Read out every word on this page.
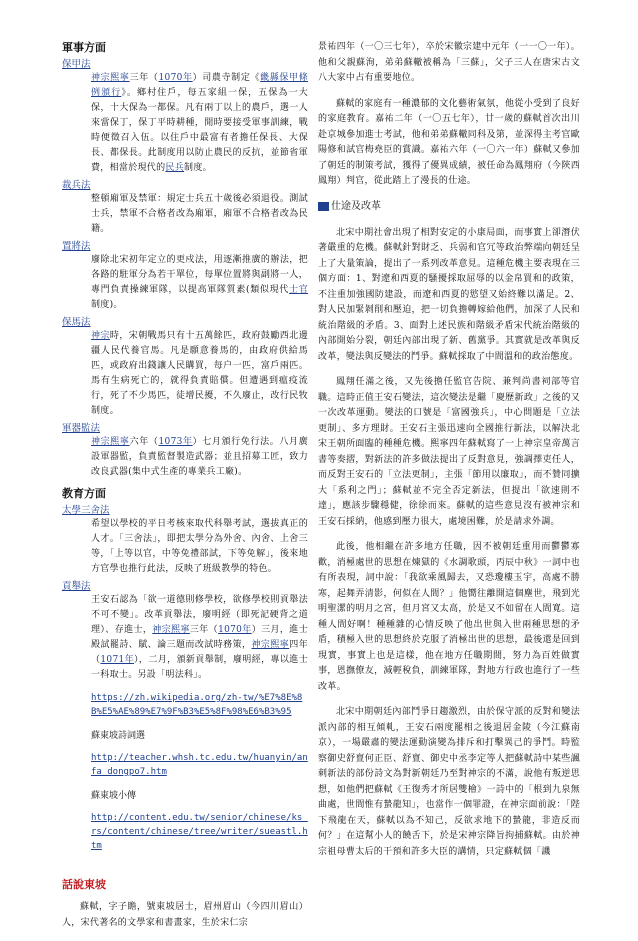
軍事方面
保甲法
神宗熙寧三年（1070年）司農寺制定《畿縣保甲條例頒行》。鄉村住戶，每五家組一保，五保為一大保，十大保為一都保。凡有兩丁以上的農戶，選一人來當保丁，保丁平時耕種，閒時要接受軍事訓練，戰時便徵召入伍。以住戶中最富有者擔任保長、大保長、都保長。此制度用以防止農民的反抗，並節省軍費，相當於現代的民兵制度。
裁兵法
整頓廂軍及禁軍：規定士兵五十歲後必須退役。測試士兵，禁軍不合格者改為廂軍，廂軍不合格者改為民籍。
置將法
廢除北宋初年定立的更戍法，用逐漸推廣的辦法，把各路的駐軍分為若干單位，每單位置將與副將一人，專門負責操練軍隊，以提高軍隊質素(類似現代士官制度)。
保馬法
神宗時，宋朝戰馬只有十五萬餘匹，政府鼓勵西北邊疆人民代養官馬。凡是願意養馬的，由政府供給馬匹，或政府出錢讓人民購買，每户一匹，富戶兩匹。馬有生病死亡的，就得負責賠償。但遭遇到瘟疫流行，死了不少馬匹，徒增民擾，不久廢止，改行民牧制度。
軍器監法
神宗熙寧六年（1073年）七月頒行免行法。八月廣設軍器監，負責監督製造武器；並且招募工匠，致力改良武器(集中式生產的專業兵工廠)。
教育方面
太學三舍法
希望以學校的平日考核來取代科舉考試，選拔真正的人才。「三舍法」，即把太學分為外舍、內舍、上舍三等，「上等以官，中等免禮部試，下等免解」，後來地方官學也推行此法，反映了班級教學的特色。
貢舉法
王安石認為「欲一道德則修學校，欲修學校則貢舉法不可不變」。改革貢舉法，廢明經（即死記硬背之道理）、存進士，神宗熙寧三年（1070年）三月，進士殿試罷詩、賦、論三題而改試時務策，神宗熙寧四年（1071年），二月，頒新貢舉制，廢明經，專以進士一科取士。另設「明法科」。
https://zh.wikipedia.org/zh-tw/%E7%8E%8B%E5%AE%89%E7%9F%B3%E5%8F%98%E6%B3%95
蘇東坡詩詞選
http://teacher.whsh.tc.edu.tw/huanyin/anfa_dongpo7.htm
蘇東坡小傳
http://content.edu.tw/senior/chinese/ks_rs/content/chinese/tree/writer/sueastl.htm
話說東坡

蘇軾，字子瞻，號東坡居士，眉州眉山（今四川眉山）人，宋代著名的文學家和書畫家，生於宋仁宗

景祐四年（一〇三七年），卒於宋徽宗建中元年（一一〇一年）。他和父親蘇洵，弟弟蘇轍被稱為「三蘇」，父子三人在唐宋古文八大家中占有重要地位。

蘇軾的家庭有一種濃郁的文化藝術氣氛，他從小受到了良好的家庭教育。嘉祐二年（一〇五七年），廿一歲的蘇軾首次出川赴京城參加進士考試，他和弟弟蘇轍同科及第，並深得主考官歐陽修和試官梅堯臣的賞識。嘉祐六年（一〇六一年）蘇軾又參加了朝廷的制策考試，獲得了優異成績，被任命為鳳翔府（今陝西鳳翔）判官，從此踏上了漫長的仕途。

仕途及改革

北宋中期社會出現了相對安定的小康局面，而事實上卻潛伏著嚴重的危機。蘇軾針對財乏、兵弱和官冗等政治弊端向朝廷呈上了大量策論，提出了一系列改革意見。這種危機主要表現在三個方面：1、對遼和西夏的騷擾採取屈辱的以金帛買和的政策，不注重加強國防建設，而遼和西夏的慾望又始終難以滿足。2、對人民加緊剝削和壓迫，把一切負擔轉嫁給他們，加深了人民和統治階級的矛盾。3、面對上述民族和階級矛盾宋代統治階級的內部開始分裂，朝廷內部出現了新、舊黨爭。其實就是改革與反改革，變法與反變法的鬥爭。蘇軾採取了中間溫和的政治態度。

鳳翔任滿之後，又先後擔任監官告院、兼判尚書祠部等官職。這時正值王安石變法，這次變法是繼「慶歷新政」之後的又一次改革運動。變法的口號是「富國強兵」，中心問題是「立法更制」、多方理財。王安石主張迅速向全國推行新法，以解決北宋王朝所面臨的種種危機。熙寧四年蘇軾寫了一上神宗皇帝萬言書等奏摺，對新法的許多做法提出了反對意見，強調擇吏任人，而反對王安石的「立法更制」，主張「節用以廉取」，而不贊同擴大「系利之門」；蘇軾並不完全否定新法，但提出「欲速則不達」，應該步驟穩健，徐徐而來。蘇軾的這些意見沒有被神宗和王安石採納，他感到壓力很大，處境困難，於是請求外調。

此後，他相繼在許多地方任職，因不被朝廷重用而鬱鬱寡歡，消極處世的思想在煉獄的《水調歌頭，丙辰中秋》一詞中也有所表現，詞中說：「我欲乘風歸去，又恐瓊樓玉宇，高處不勝寒，起舞弄清影，何似在人間？」他嚮往離開這個塵世，飛到光明聖潔的明月之宮，但月宮又太高，於是又不如留在人間寬。這種人間好啊！種種雜的心情反映了他出世與入世兩種思想的矛盾，積極入世的思想終於克服了消極出世的思想，最後還是回到現實，事實上也是這樣，他在地方任職期間，努力為百姓做實事，恩撫僚友，減輕稅負，訓練軍隊，對地方行政也進行了一些改革。

北宋中期朝廷內部鬥爭日趨激烈，由於保守派的反對和變法派內部的相互傾軋，王安石兩度罷相之後退居金陵（今江蘇南京），一場嚴肅的變法運動演變為排斥和打擊異己的爭鬥。時監察御史舒亶何正臣、舒亶、御史中丞李定等人把蘇軾詩中某些諷刺新法的部份詩文為對新朝廷乃至對神宗的不滿，說他有叛逆思想，如他們把蘇軾《王復秀才所居雙檜》一詩中的「根到九泉無曲處，世間惟有蟄龍知」，也當作一個罪證，在神宗面前說：「陛下飛龍在天，蘇軾以為不知己，反欲求地下的蟄龍，非造反而何？」在這幫小人的饒舌下，於是宋神宗降旨拘捕蘇軾。由於神宗祖母曹太后的干預和許多大臣的講情，只定蘇軾個「譏
